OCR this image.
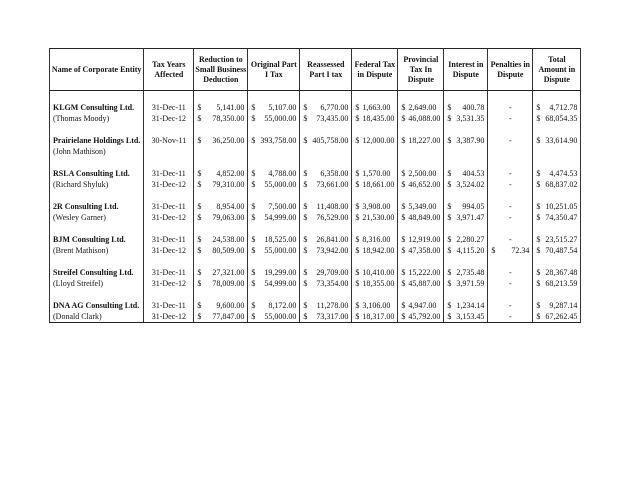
Name of Corporate Entity	Tax Years Affected	Reduction to Small Business Deduction	Original Part I Tax	Reassessed Part I tax	Federal Tax in Dispute	Provincial Tax In Dispute	Interest in Dispute	Penalties in Dispute	Total Amount in Dispute

KLGM Consulting Ltd.	31-Dec-11	$ 5,141.00	$ 5,107.00	$ 6,770.00	$ 1,663.00	$ 2,649.00	$ 400.78	-	$ 4,712.78

(Thomas Moody)	31-Dec-12	$ 78,350.00	$ 55,000.00	$ 73,435.00	$ 18,435.00	$ 46,088.00	$ 3,531.35	-	$ 68,054.35

Prairielane Holdings Ltd.	30-Nov-11	$ 36,250.00	$ 393,758.00	$ 405,758.00	$ 12,000.00	$ 18,227.00	$ 3,387.90	-	$ 33,614.90

(John Mathison)									

RSLA Consulting Ltd.	31-Dec-11	$ 4,852.00	$ 4,788.00	$ 6,358.00	$ 1,570.00	$ 2,500.00	$ 404.53	-	$ 4,474.53

(Richard Shyluk)	31-Dec-12	$ 79,310.00	$ 55,000.00	$ 73,661.00	$ 18,661.00	$ 46,652.00	$ 3,524.02	-	$ 68,837.02

2R Consulting Ltd.	31-Dec-11	$ 8,954.00	$ 7,500.00	$ 11,408.00	$ 3,908.00	$ 5,349.00	$ 994.05	-	$ 10,251.05

(Wesley Garner)	31-Dec-12	$ 79,063.00	$ 54,999.00	$ 76,529.00	$ 21,530.00	$ 48,849.00	$ 3,971.47	-	$ 74,350.47

BJM Consulting Ltd.	31-Dec-11	$ 24,538.00	$ 18,525.00	$ 26,841.00	$ 8,316.00	$ 12,919.00	$ 2,280.27	-	$ 23,515.27

(Brent Mathison)	31-Dec-12	$ 80,509.00	$ 55,000.00	$ 73,942.00	$ 18,942.00	$ 47,358.00	$ 4,115.20	$ 72.34	$ 70,487.54

Streifel Consulting Ltd.	31-Dec-11	$ 27,321.00	$ 19,299.00	$ 29,709.00	$ 10,410.00	$ 15,222.00	$ 2,735.48	-	$ 28,367.48

(Lloyd Streifel)	31-Dec-12	$ 78,009.00	$ 54,999.00	$ 73,354.00	$ 18,355.00	$ 45,887.00	$ 3,971.59	-	$ 68,213.59

DNA AG Consulting Ltd.	31-Dec-11	$ 9,600.00	$ 8,172.00	$ 11,278.00	$ 3,106.00	$ 4,947.00	$ 1,234.14	-	$ 9,287.14

(Donald Clark)	31-Dec-12	$ 77,847.00	$ 55,000.00	$ 73,317.00	$ 18,317.00	$ 45,792.00	$ 3,153.45	-	$ 67,262.45
